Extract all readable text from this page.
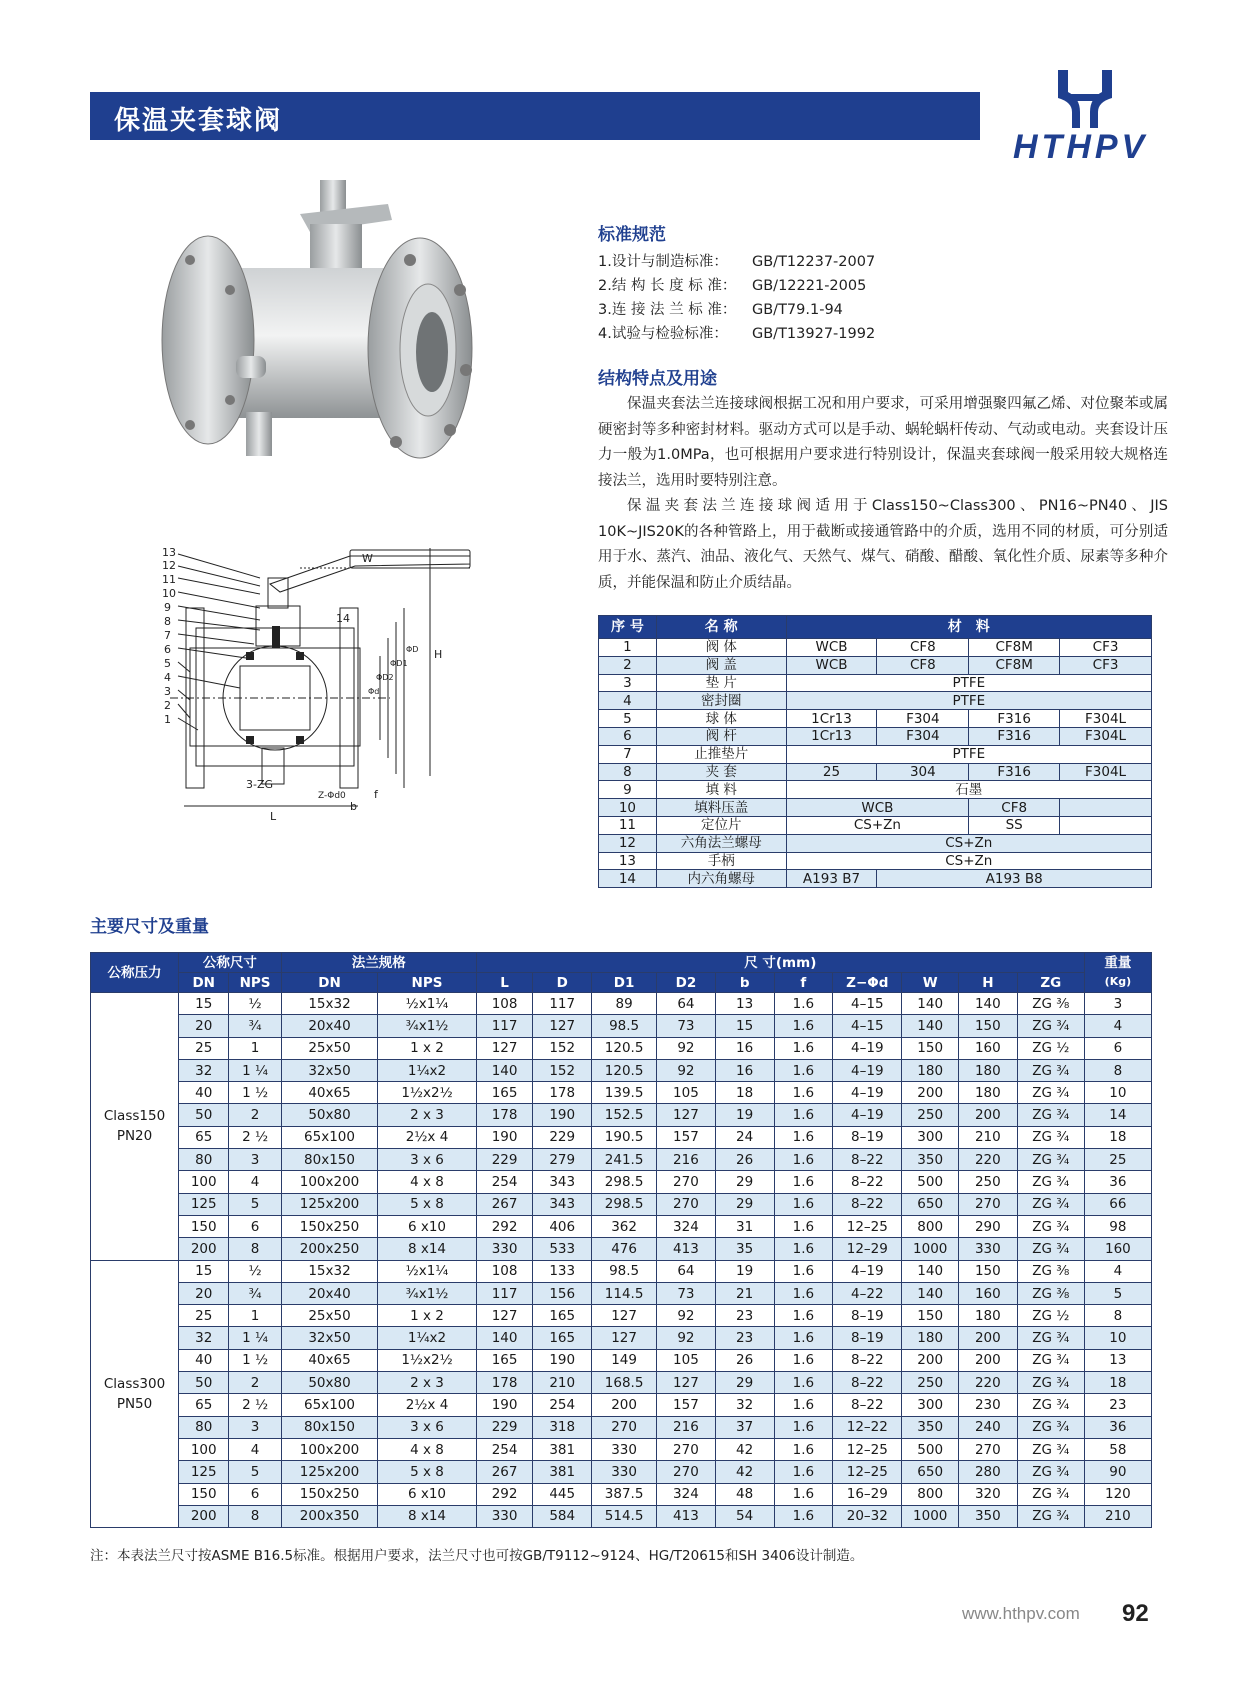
保温夹套球阀
HTHPV
13
12
11
10
9
8
7
6
5
4
3
2
1
14
W
H
L
3-ZG
b
f
Z-Φd0
Φd
ΦD2
ΦD1
ΦD
标准规范
1.设计与制造标准： GB/T12237-2007
2.结 构 长 度 标 准： GB/12221-2005
3.连 接 法 兰 标 准： GB/T79.1-94
4.试验与检验标准： GB/T13927-1992
结构特点及用途

保温夹套法兰连接球阀根据工况和用户要求，可采用增强聚四氟乙烯、对位聚苯或属硬密封等多种密封材料。驱动方式可以是手动、蜗轮蜗杆传动、气动或电动。夹套设计压力一般为1.0MPa，也可根据用户要求进行特别设计，保温夹套球阀一般采用较大规格连接法兰，选用时要特别注意。

保温夹套法兰连接球阀适用于Class150~Class300、PN16~PN40、JIS 10K~JIS20K的各种管路上，用于截断或接通管路中的介质，选用不同的材质，可分别适用于水、蒸汽、油品、液化气、天然气、煤气、硝酸、醋酸、氧化性介质、尿素等多种介质，并能保温和防止介质结晶。

序 号	名 称	材　料			
1	阀 体	WCB	CF8	CF8M	CF3
2	阀 盖	WCB	CF8	CF8M	CF3
3	垫 片	PTFE			
4	密封圈	PTFE			
5	球 体	1Cr13	F304	F316	F304L
6	阀 杆	1Cr13	F304	F316	F304L
7	止推垫片	PTFE			
8	夹 套	25	304	F316	F304L
9	填 料	石墨			
10	填料压盖	WCB		CF8	
11	定位片	CS+Zn		SS	
12	六角法兰螺母	CS+Zn			
13	手柄	CS+Zn			
14	内六角螺母	A193 B7	A193 B8		
主要尺寸及重量
公称压力	公称尺寸		法兰规格		尺 寸(mm)										重量
(Kg)
	DN	NPS	DN	NPS	L	D	D1	D2	b	f	Z−Φd	W	H	ZG	
Class150
PN20	15	½	15x32	½x1¼	108	117	89	64	13	1.6	4–15	140	140	ZG ⅜	3
	20	¾	20x40	¾x1½	117	127	98.5	73	15	1.6	4–15	140	150	ZG ¾	4
	25	1	25x50	1 x 2	127	152	120.5	92	16	1.6	4–19	150	160	ZG ½	6
	32	1 ¼	32x50	1¼x2	140	152	120.5	92	16	1.6	4–19	180	180	ZG ¾	8
	40	1 ½	40x65	1½x2½	165	178	139.5	105	18	1.6	4–19	200	180	ZG ¾	10
	50	2	50x80	2 x 3	178	190	152.5	127	19	1.6	4–19	250	200	ZG ¾	14
	65	2 ½	65x100	2½x 4	190	229	190.5	157	24	1.6	8–19	300	210	ZG ¾	18
	80	3	80x150	3 x 6	229	279	241.5	216	26	1.6	8–22	350	220	ZG ¾	25
	100	4	100x200	4 x 8	254	343	298.5	270	29	1.6	8–22	500	250	ZG ¾	36
	125	5	125x200	5 x 8	267	343	298.5	270	29	1.6	8–22	650	270	ZG ¾	66
	150	6	150x250	6 x10	292	406	362	324	31	1.6	12–25	800	290	ZG ¾	98
	200	8	200x250	8 x14	330	533	476	413	35	1.6	12–29	1000	330	ZG ¾	160
Class300
PN50	15	½	15x32	½x1¼	108	133	98.5	64	19	1.6	4–19	140	150	ZG ⅜	4
	20	¾	20x40	¾x1½	117	156	114.5	73	21	1.6	4–22	140	160	ZG ⅜	5
	25	1	25x50	1 x 2	127	165	127	92	23	1.6	8–19	150	180	ZG ½	8
	32	1 ¼	32x50	1¼x2	140	165	127	92	23	1.6	8–19	180	200	ZG ¾	10
	40	1 ½	40x65	1½x2½	165	190	149	105	26	1.6	8–22	200	200	ZG ¾	13
	50	2	50x80	2 x 3	178	210	168.5	127	29	1.6	8–22	250	220	ZG ¾	18
	65	2 ½	65x100	2½x 4	190	254	200	157	32	1.6	8–22	300	230	ZG ¾	23
	80	3	80x150	3 x 6	229	318	270	216	37	1.6	12–22	350	240	ZG ¾	36
	100	4	100x200	4 x 8	254	381	330	270	42	1.6	12–25	500	270	ZG ¾	58
	125	5	125x200	5 x 8	267	381	330	270	42	1.6	12–25	650	280	ZG ¾	90
	150	6	150x250	6 x10	292	445	387.5	324	48	1.6	16–29	800	320	ZG ¾	120
	200	8	200x350	8 x14	330	584	514.5	413	54	1.6	20–32	1000	350	ZG ¾	210
注：本表法兰尺寸按ASME B16.5标准。根据用户要求，法兰尺寸也可按GB/T9112~9124、HG/T20615和SH 3406设计制造。
www.hthpv.com 92
